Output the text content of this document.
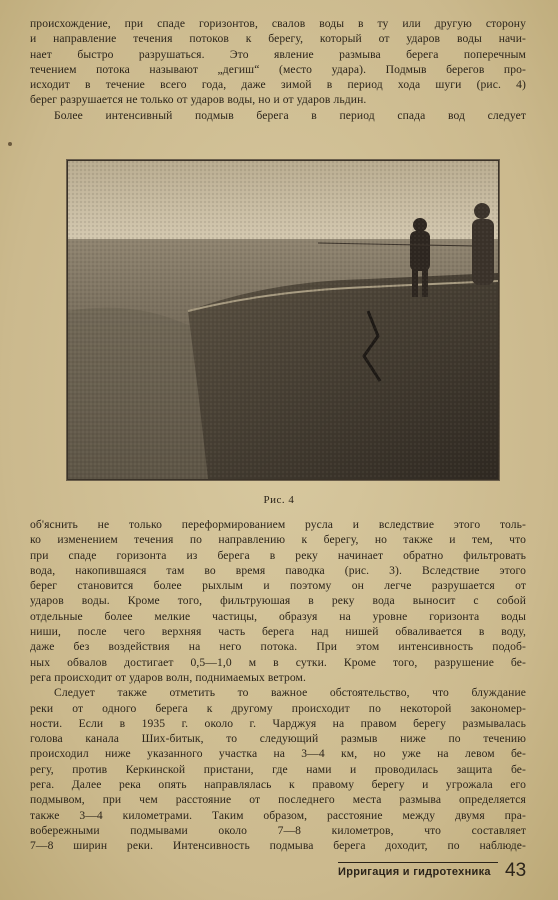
происхождение, при спаде горизонтов, свалов воды в ту или другую сторону
и направление течения потоков к берегу, который от ударов воды начи-
нает быстро разрушаться. Это явление размыва берега поперечным
течением потока называют „дегиш“ (место удара). Подмыв берегов про-
исходит в течение всего года, даже зимой в период хода шуги (рис. 4)
берег разрушается не только от ударов воды, но и от ударов льдин.
Более интенсивный подмыв берега в период спада вод следует
Рис. 4
об'яснить не только переформированием русла и вследствие этого толь-
ко изменением течения по направлению к берегу, но также и тем, что
при спаде горизонта из берега в реку начинает обратно фильтровать
вода, накопившаяся там во время паводка (рис. 3). Вследствие этого
берег становится более рыхлым и поэтому он легче разрушается от
ударов воды. Кроме того, фильтруюшая в реку вода выносит с собой
отдельные более мелкие частицы, образуя на уровне горизонта воды
ниши, после чего верхняя часть берега над нишей обваливается в воду,
даже без воздействия на него потока. При этом интенсивность подоб-
ных обвалов достигает 0,5—1,0 м в сутки. Кроме того, разрушение бе-
рега происходит от ударов волн, поднимаемых ветром.
Следует также отметить то важное обстоятельство, что блуждание
реки от одного берега к другому происходит по некоторой закономер-
ности. Если в 1935 г. около г. Чарджуя на правом берегу размывалась
голова канала Ших-битык, то следующий размыв ниже по течению
происходил ниже указанного участка на 3—4 км, но уже на левом бе-
регу, против Керкинской пристани, где нами и проводилась защита бе-
рега. Далее река опять направлялась к правому берегу и угрожала его
подмывом, при чем расстояние от последнего места размыва определяется
также 3—4 километрами. Таким образом, расстояние между двумя пра-
вобережными подмывами около 7—8 километров, что составляет
7—8 ширин реки. Интенсивность подмыва берега доходит, по наблюде-
Ирригация и гидротехника 43
